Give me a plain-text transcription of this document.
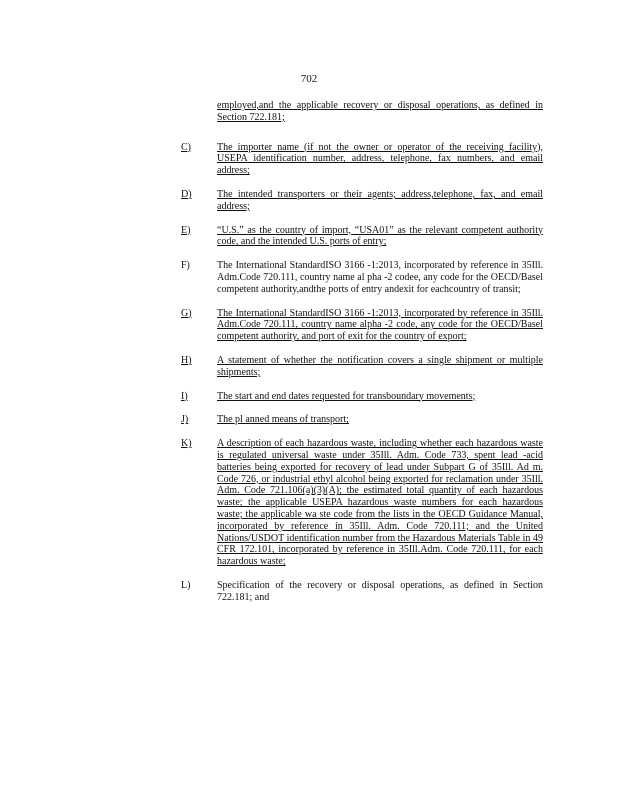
702
employed,and the applicable recovery or disposal operations, as defined in Section 722.181;
C)	The importer name (if not the owner or operator of the receiving facility), USEPA identification number, address, telephone, fax numbers, and email address;
D)	The intended transporters or their agents; address,telephone, fax, and email address;
E)	“U.S.” as the country of import, “USA01” as the relevant competent authority code, and the intended U.S. ports of entry;
F)	The International StandardISO 3166 -1:2013, incorporated by reference in 35Ill. Adm.Code 720.111, country name al pha -2 codee, any code for the OECD/Basel competent authority,andthe ports of entry andexit for eachcountry of transit;
G)	The International StandardISO 3166 -1:2013, incorporated by reference in 35Ill. Adm.Code 720.111, country name alpha -2 code, any code for the OECD/Basel competent authority, and port of exit for the country of export;
H)	A statement of whether the notification covers a single shipment or multiple shipments;
I)	The start and end dates requested for transboundary movements;
J)	The pl anned means of transport;
K)	A description of each hazardous waste, including whether each hazardous waste is regulated universal waste under 35Ill. Adm. Code 733, spent lead -acid batteries being exported for recovery of lead under Subpart G of 35Ill. Ad m. Code 726, or industrial ethyl alcohol being exported for reclamation under 35Ill. Adm. Code 721.106(a)(3)(A); the estimated total quantity of each hazardous waste; the applicable USEPA hazardous waste numbers for each hazardous waste; the applicable wa ste code from the lists in the OECD Guidance Manual, incorporated by reference in 35Ill. Adm. Code 720.111; and the United Nations/USDOT identification number from the Hazardous Materials Table in 49 CFR 172.101, incorporated by reference in 35Ill.Adm. Code 720.111, for each hazardous waste;
L)	Specification of the recovery or disposal operations, as defined in Section 722.181; and
